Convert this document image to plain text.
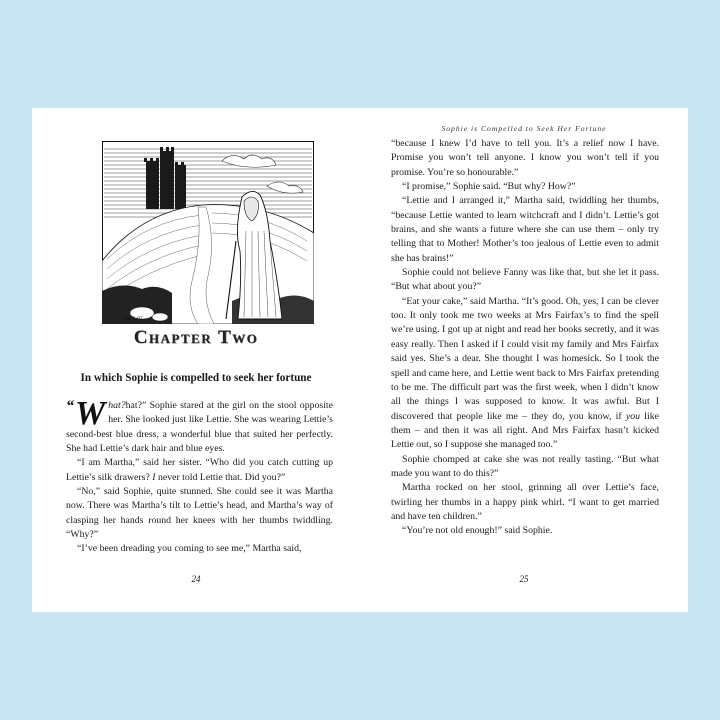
JM.C '07
Chapter Two
In which Sophie is compelled to seek her fortune

“W hat?hat?” Sophie stared at the girl on the stool opposite her. She looked just like Lettie. She was wearing Lettie’s second-best blue dress, a wonderful blue that suited her perfectly. She had Lettie’s dark hair and blue eyes.

“I am Martha,” said her sister. “Who did you catch cutting up Lettie’s silk drawers? I never told Lettie that. Did you?”

“No,” said Sophie, quite stunned. She could see it was Martha now. There was Martha’s tilt to Lettie’s head, and Martha’s way of clasping her hands round her knees with her thumbs twiddling. “Why?”

“I’ve been dreading you coming to see me,” Martha said,

24

Sophie is Compelled to Seek Her Fortune

“because I knew I’d have to tell you. It’s a relief now I have. Promise you won’t tell anyone. I know you won’t tell if you promise. You’re so honourable.”

“I promise,” Sophie said. “But why? How?”

“Lettie and I arranged it,” Martha said, twiddling her thumbs, “because Lettie wanted to learn witchcraft and I didn’t. Lettie’s got brains, and she wants a future where she can use them – only try telling that to Mother! Mother’s too jealous of Lettie even to admit she has brains!”

Sophie could not believe Fanny was like that, but she let it pass. “But what about you?”

“Eat your cake,” said Martha. “It’s good. Oh, yes, I can be clever too. It only took me two weeks at Mrs Fairfax’s to find the spell we’re using. I got up at night and read her books secretly, and it was easy really. Then I asked if I could visit my family and Mrs Fairfax said yes. She’s a dear. She thought I was homesick. So I took the spell and came here, and Lettie went back to Mrs Fairfax pretending to be me. The difficult part was the first week, when I didn’t know all the things I was supposed to know. It was awful. But I discovered that people like me – they do, you know, if you like them – and then it was all right. And Mrs Fairfax hasn’t kicked Lettie out, so I suppose she managed too.”

Sophie chomped at cake she was not really tasting. “But what made you want to do this?”

Martha rocked on her stool, grinning all over Lettie’s face, twirling her thumbs in a happy pink whirl. “I want to get married and have ten children.”

“You’re not old enough!” said Sophie.

25
